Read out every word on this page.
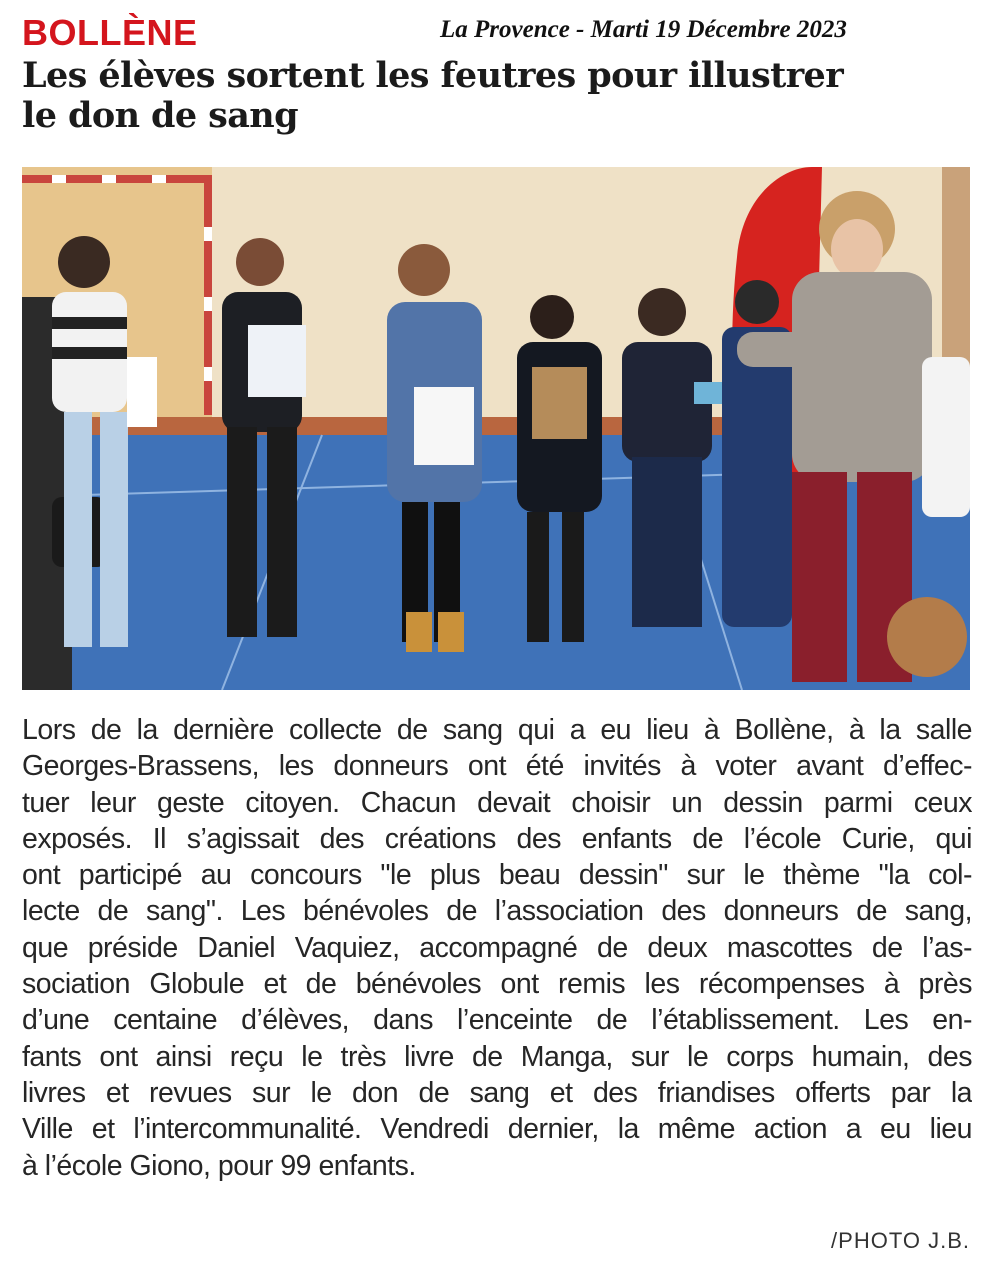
BOLLÈNE	La Provence - Marti 19 Décembre 2023
Les élèves sortent les feutres pour illustrer
le don de sang
Lors de la dernière collecte de sang qui a eu lieu à Bollène, à la salle
Georges-Brassens, les donneurs ont été invités à voter avant d’effec-
tuer leur geste citoyen. Chacun devait choisir un dessin parmi ceux
exposés. Il s’agissait des créations des enfants de l’école Curie, qui
ont participé au concours "le plus beau dessin" sur le thème "la col-
lecte de sang". Les bénévoles de l’association des donneurs de sang,
que préside Daniel Vaquiez, accompagné de deux mascottes de l’as-
sociation Globule et de bénévoles ont remis les récompenses à près
d’une centaine d’élèves, dans l’enceinte de l’établissement. Les en-
fants ont ainsi reçu le très livre de Manga, sur le corps humain, des
livres et revues sur le don de sang et des friandises offerts par la
Ville et l’intercommunalité. Vendredi dernier, la même action a eu lieu
à l’école Giono, pour 99 enfants.
/PHOTO J.B.
